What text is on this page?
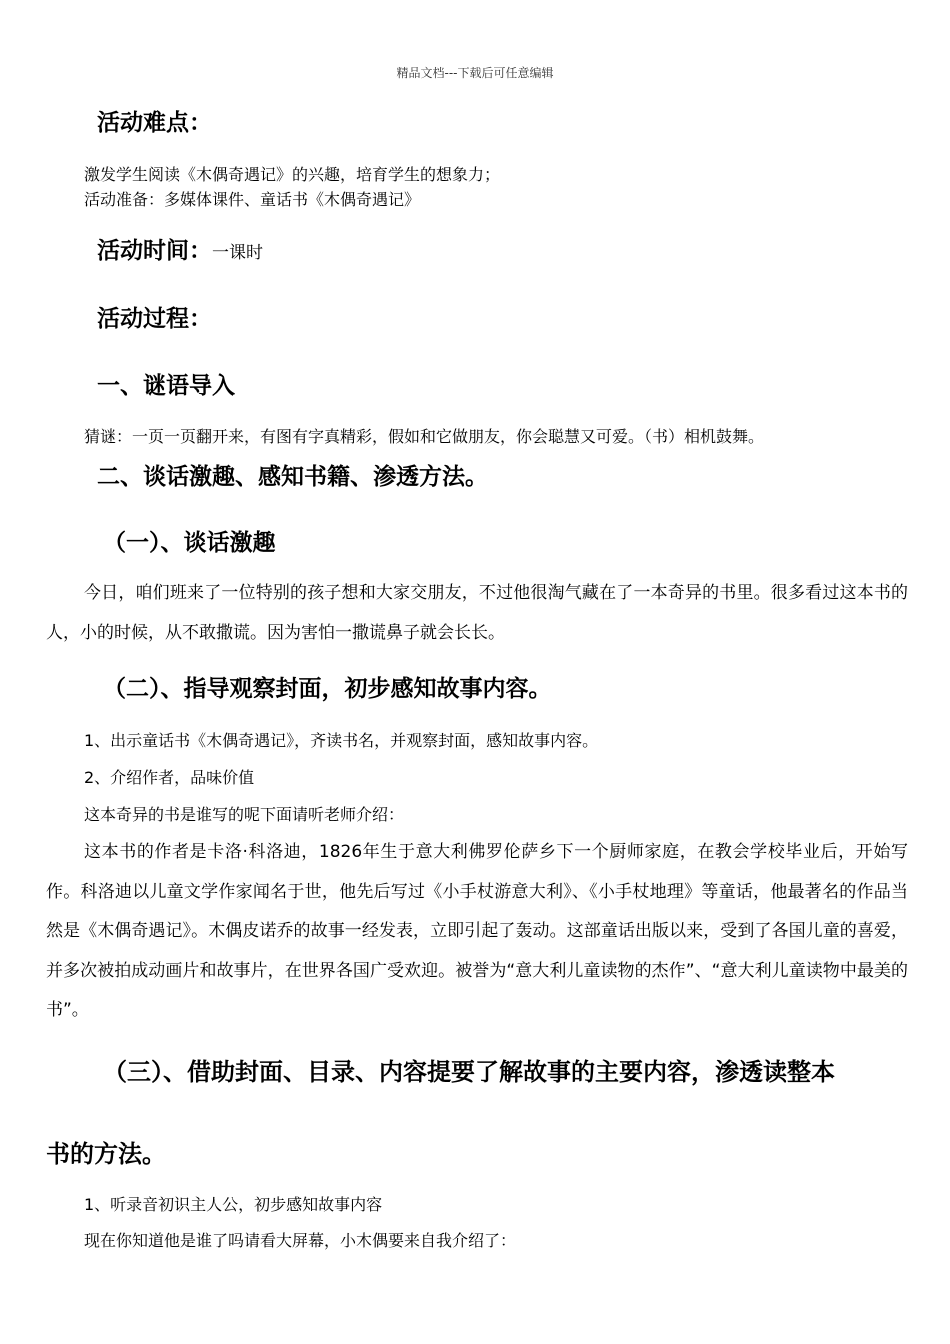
精品文档---下载后可任意编辑
活动难点：
激发学生阅读《木偶奇遇记》的兴趣，培育学生的想象力；
活动准备：多媒体课件、童话书《木偶奇遇记》
活动时间：一课时
活动过程：
一、谜语导入
猜谜：一页一页翻开来，有图有字真精彩，假如和它做朋友，你会聪慧又可爱。（书）相机鼓舞。
二、谈话激趣、感知书籍、渗透方法。
（一）、谈话激趣

今日，咱们班来了一位特别的孩子想和大家交朋友，不过他很淘气藏在了一本奇异的书里。很多看过这本书的人，小的时候，从不敢撒谎。因为害怕一撒谎鼻子就会长长。

（二）、指导观察封面，初步感知故事内容。
1、出示童话书《木偶奇遇记》，齐读书名，并观察封面，感知故事内容。
2、介绍作者，品味价值
这本奇异的书是谁写的呢下面请听老师介绍：

这本书的作者是卡洛·科洛迪，1826年生于意大利佛罗伦萨乡下一个厨师家庭，在教会学校毕业后，开始写作。科洛迪以儿童文学作家闻名于世，他先后写过《小手杖游意大利》、《小手杖地理》等童话，他最著名的作品当然是《木偶奇遇记》。木偶皮诺乔的故事一经发表，立即引起了轰动。这部童话出版以来，受到了各国儿童的喜爱，并多次被拍成动画片和故事片，在世界各国广受欢迎。被誉为“意大利儿童读物的杰作”、“意大利儿童读物中最美的书”。

（三）、借助封面、目录、内容提要了解故事的主要内容，渗透读整本
书的方法。
1、听录音初识主人公，初步感知故事内容
现在你知道他是谁了吗请看大屏幕，小木偶要来自我介绍了：
